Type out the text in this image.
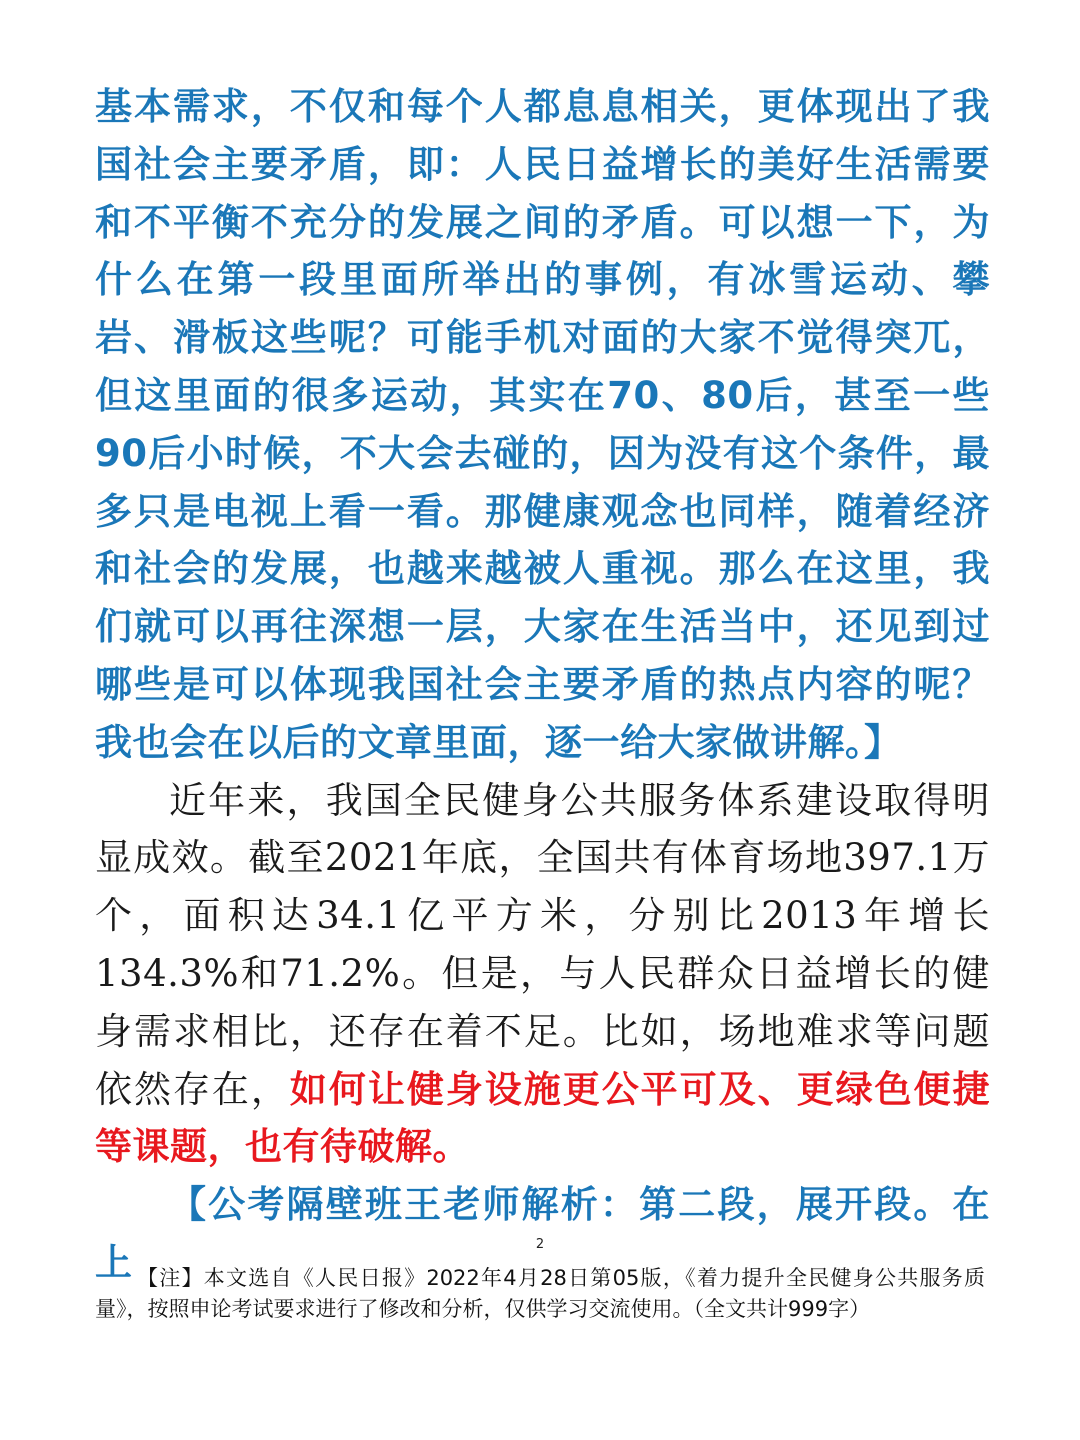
基本需求，不仅和每个人都息息相关，更体现出了我国社会主要矛盾，即：人民日益增长的美好生活需要和不平衡不充分的发展之间的矛盾。可以想一下，为什么在第一段里面所举出的事例，有冰雪运动、攀岩、滑板这些呢？可能手机对面的大家不觉得突兀，但这里面的很多运动，其实在70、80后，甚至一些90后小时候，不大会去碰的，因为没有这个条件，最多只是电视上看一看。那健康观念也同样，随着经济和社会的发展，也越来越被人重视。那么在这里，我们就可以再往深想一层，大家在生活当中，还见到过哪些是可以体现我国社会主要矛盾的热点内容的呢？我也会在以后的文章里面，逐一给大家做讲解。】

近年来，我国全民健身公共服务体系建设取得明显成效。截至2021年底，全国共有体育场地397.1万个，面积达34.1亿平方米，分别比2013年增长134.3%和71.2%。但是，与人民群众日益增长的健身需求相比，还存在着不足。比如，场地难求等问题依然存在，如何让健身设施更公平可及、更绿色便捷等课题，也有待破解。

【公考隔壁班王老师解析：第二段，展开段。在上	2
【注】本文选自《人民日报》2022年4月28日第05版，《着力提升全民健身公共服务质量》，按照申论考试要求进行了修改和分析，仅供学习交流使用。（全文共计999字）
